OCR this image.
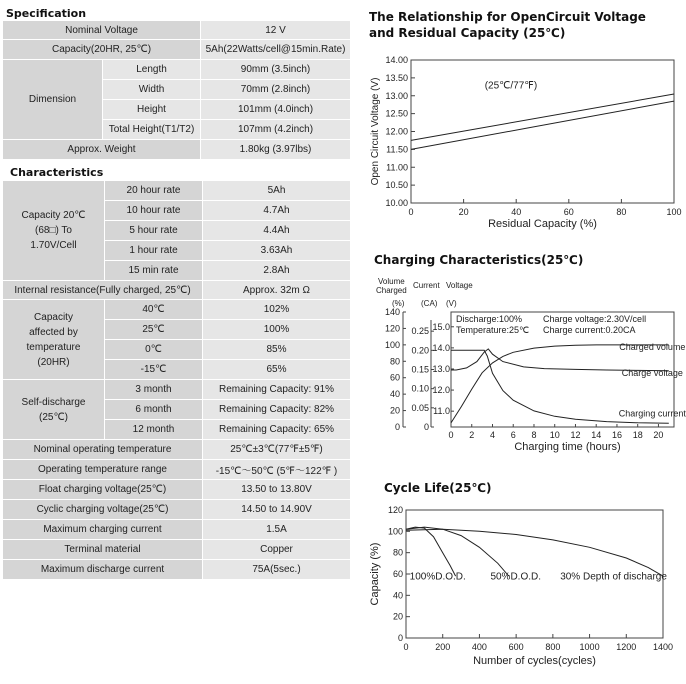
Specification
Nominal Voltage		12 V
Capacity(20HR, 25℃)		5Ah(22Watts/cell@15min.Rate)
Dimension	Length	90mm (3.5inch)
	Width	70mm (2.8inch)
	Height	101mm (4.0inch)
	Total Height(T1/T2)	107mm (4.2inch)
Approx. Weight		1.80kg (3.97lbs)
Characteristics
Capacity 20℃
(68□) To
1.70V/Cell	20 hour rate	5Ah
	10 hour rate	4.7Ah
	5 hour rate	4.4Ah
	1 hour rate	3.63Ah
	15 min rate	2.8Ah
Internal resistance(Fully charged, 25℃)		Approx. 32m Ω

Capacity
affected by
temperature
(20HR)	40℃	102%
	25℃	100%
	0℃	85%
	-15℃	65%

Self-discharge
(25℃)	3 month	Remaining Capacity: 91%
	6 month	Remaining Capacity: 82%
	12 month	Remaining Capacity: 65%
Nominal operating temperature		25℃±3℃(77℉±5℉)
Operating temperature range		-15℃～50℃ (5℉～122℉ )
Float charging voltage(25℃)		13.50 to 13.80V
Cyclic charging voltage(25℃)		14.50 to 14.90V
Maximum charging current		1.5A
Terminal material		Copper
Maximum discharge current		75A(5sec.)
The Relationship for OpenCircuit Voltage
and Residual Capacity (25℃)
Charging Characteristics(25℃)
Cycle Life(25℃)
10.00
10.50
11.00
11.50
12.00
12.50
13.00
13.50
14.00
0	20	40	60	80	100
Residual Capacity (%)
Open Circuit Voltage (V)	(25℃/77℉)
Volume
Charged
Current Voltage
(%) (CA) (V)
0
20
40
60
80
100
120
140
0
0.05
0.10
0.15
0.20
0.25
11.0
12.0
13.0
14.0
15.0
0 2 4 6 8 10 12 14 16 18 20
Charging time (hours)
Discharge:100% Charge voltage:2.30V/cell
Temperature:25℃ Charge current:0.20CA
Charged volume
Charge voltage
Charging current
0
20
40
60
80
100
120
0	200 400 600 800 1000 1200 1400
Number of cycles(cycles)
Capacity (%)	100%D.O.D. 50%D.O.D. 30% Depth of discharge
